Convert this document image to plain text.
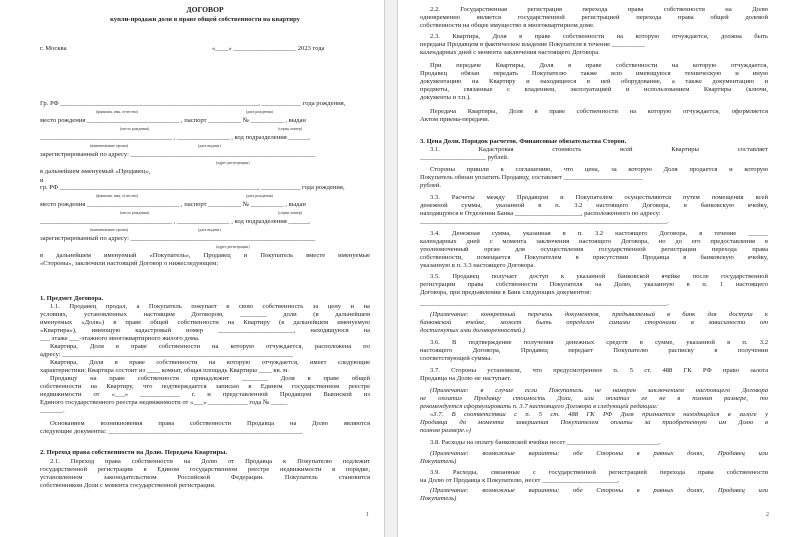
ДОГОВОР
купли-продажи доли в праве общей собственности на квартиру
г. Москва	«____» ___________________ 2023 года
Гр. РФ ____________________________________________________________, ____________ года рождения,
(фамилия, имя, отчество)	(дата рождения)
место рождения ____________________________ , паспорт __________ № __________ , выдан
(место рождения)	(серия, номер)
________________________________________ , ________________ , код подразделения ______,
(наименование органа)	(дата выдачи)
зарегистрированный по адресу: ________________________________________________________
(адрес регистрации)
в дальнейшем именуемый «Продавец»,
и
гр. РФ ____________________________________________________________, ____________ года рождения,
(фамилия, имя, отчество)	(дата рождения)
место рождения ____________________________ , паспорт __________ № __________ , выдан
(место рождения)	(серия, номер)
________________________________________ , ________________ , код подразделения ______,
(наименование органа)	(дата выдачи)
зарегистрированный по адресу: ________________________________________________________
(адрес регистрации)
в дальнейшем именуемый «Покупатель», Продавец и Покупатель вместе именуемые
«Стороны», заключили настоящий Договор о нижеследующем:
1. Предмет Договора.
1.1. Продавец продал, а Покупатель покупает в свою собственность за цену и на
условиях, установленных настоящим Договором, ________ доли (в дальнейшем
именуемых «Доля») в праве общей собственности на Квартиру (в дальнейшем именуемую
«Квартира»), имеющую кадастровый номер _______________________, находящуюся на
___ этаже ___-этажного многоквартирного жилого дома.
Квартира, Доля в праве собственности на которую отчуждается, расположена по
адресу: ______________________________________________________________________
Квартира, Доля в праве собственности на которую отчуждается, имеет следующие
характеристики: Квартира состоит из ____ комнат, общая площадь Квартиры ____ кв. м.
Продавцу на праве собственности принадлежит ________ Доля в праве общей
собственности на Квартиру, что подтверждается записью в Едином государственном реестре
недвижимости от «___» ____________ г. и представленной Продавцом Выпиской из
Единого государственного реестра недвижимости от «___» ____________ года № _____
_______.
Основанием возникновения права собственности Продавца на Долю являются
следующие документы: ___________________________________________________________
2. Переход права собственности на Долю. Передача Квартиры.
2.1. Переход права собственности на Долю от Продавца к Покупателю подлежит
государственной регистрации в Едином государственном реестре недвижимости в порядке,
установленном законодательством Российской Федерации. Покупатель становится
собственником Доли с момента государственной регистрации.
1
2.2. Государственная регистрация перехода права собственности на Долю
одновременно является государственной регистрацией перехода права общей долевой
собственности на общее имущество в многоквартирном доме.
2.3. Квартира, Доля в праве собственности на которую отчуждается, должна быть
передана Продавцом в фактическое владение Покупателя в течение __________
календарных дней с момента заключения настоящего Договора.
При передаче Квартиры, Доля в праве собственности на которую отчуждается,
Продавец обязан передать Покупателю также всю имеющуюся техническую и иную
документацию на Квартиру и находящееся в ней оборудование, а также документацию и
предметы, связанные с владением, эксплуатацией и использованием Квартиры (ключи,
документы и т.п.).
Передача Квартиры, Доля в праве собственности на которую отчуждается, оформляется
Актом приема-передачи.
3. Цена Доли. Порядок расчетов. Финансовые обязательства Сторон.
3.1. Кадастровая стоимость всей Квартиры составляет
____________________ рублей.
Стороны пришли к соглашению, что цена, за которую Доля продается и которую
Покупатель обязан уплатить Продавцу, составляет ________________________
рублей.
3.3. Расчеты между Продавцом и Покупателем осуществляются путем помещения всей
денежной суммы, указанной в п. 3.2 настоящего Договора, в банковскую ячейку,
находящуюся в Отделении Банка ____________________, расположенного по адресу:
___________________________________________________________________________.
3.4. Денежная сумма, указанная в п. 3.2 настоящего Договора, в течение ______
календарных дней с момента заключения настоящего Договора, но до его предоставления в
уполномоченный орган для осуществления государственной регистрации перехода права
собственности, помещается Покупателем в присутствии Продавца в банковскую ячейку,
указанную в п. 3.3 настоящего Договора.
3.5. Продавец получает доступ к указанной банковской ячейке после государственной
регистрации права собственности Покупателя на Долю, указанную в п. 1 настоящего
Договора, при предъявлении в Банк следующих документов:
___________________________________________________________________________.
(Примечание: конкретный перечень документов, предъявляемый в банк для доступа к
банковской ячейке, может быть определен самими сторонами в зависимости от
достигнутых ими договоренностей.)
3.6. В подтверждение получения денежных средств в сумме, указанной в п. 3.2
настоящего Договора, Продавец передает Покупателю расписку в получении
соответствующей суммы.
3.7. Стороны установили, что предусмотренное п. 5 ст. 488 ГК РФ право залога
Продавца на Долю не наступает.
(Примечание: в случае если Покупатель не намерен заключением настоящего Договора
не оплатил Продавцу стоимость Доли, или оплатил ее не в полном размере, то
рекомендуется сформулировать п. 3.7 настоящего Договора в следующей редакции:
«3.7. В соответствии с п. 5 ст. 488 ГК РФ Доля признается находящейся в залоге у
Продавца до момента завершения Покупателем оплаты за приобретенную им Долю в
полном размере.»)
3.8. Расходы на оплату банковской ячейки несет ____________________________.
(Примечание: возможные варианты: обе Стороны в равных долях, Продавец или
Покупатель)
3.9. Расходы, связанные с государственной регистрацией перехода права собственности
на Долю от Продавца к Покупателю, несет _______________________.
(Примечание: возможные варианты: обе Стороны в равных долях, Продавец или
Покупатель)
2
